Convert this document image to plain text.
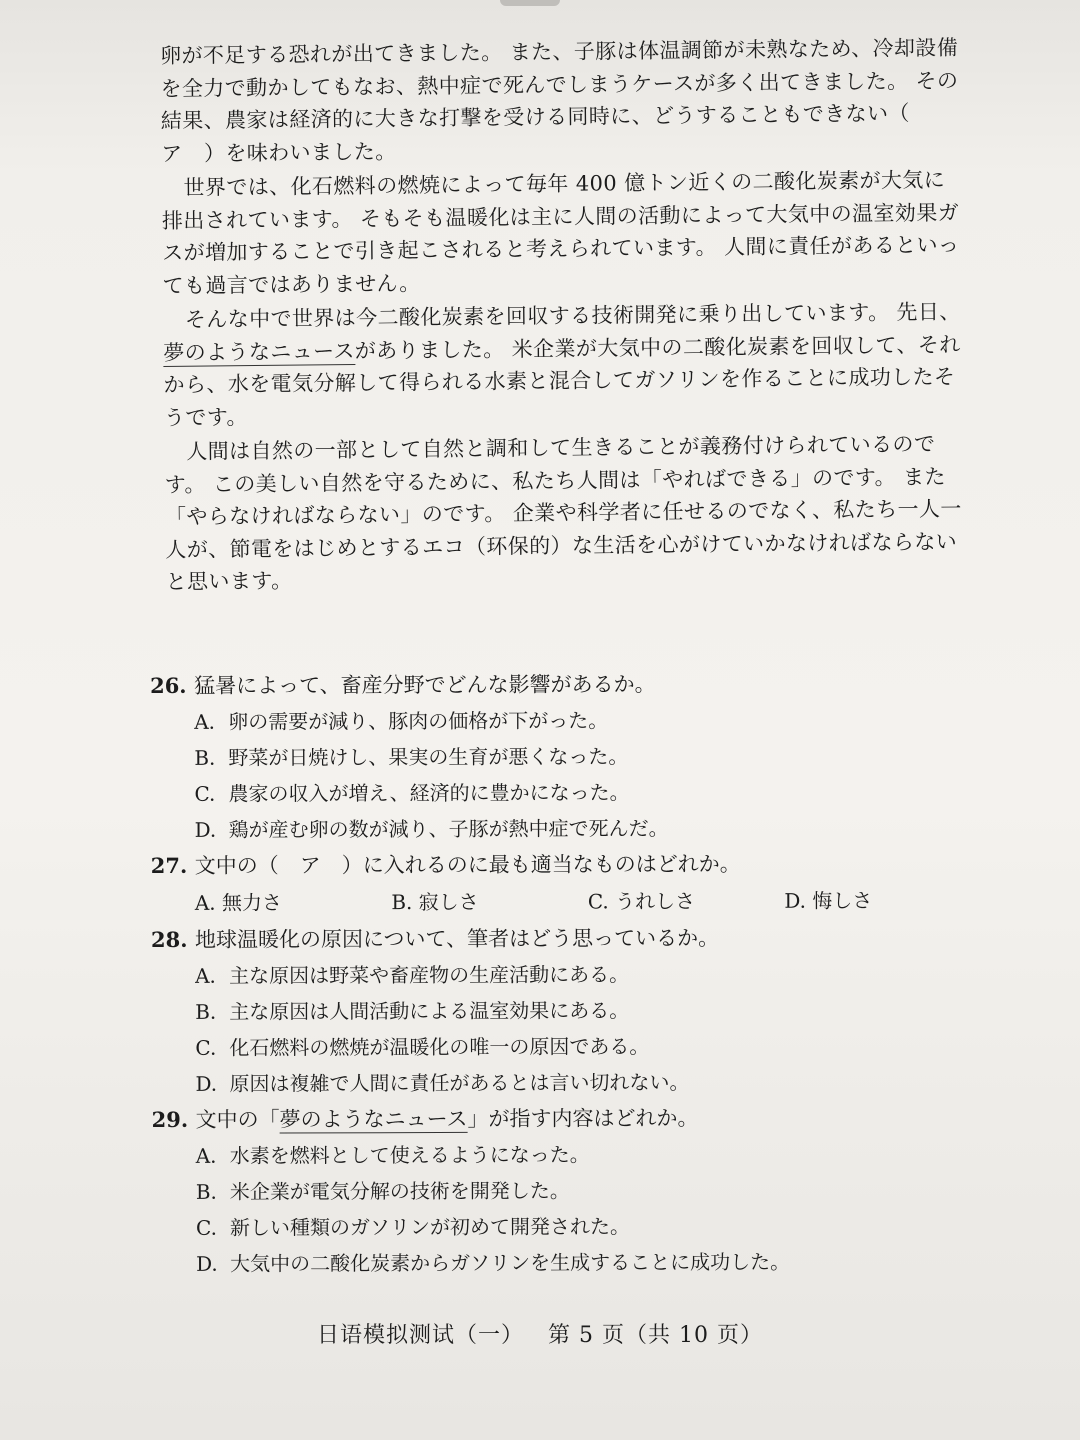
卵が不足する恐れが出てきました。 また、子豚は体温調節が未熟なため、冷却設備を全力で動かしてもなお、熱中症で死んでしまうケースが多く出てきました。 その結果、農家は経済的に大きな打撃を受ける同時に、どうすることもできない（　ア　）を味わいました。

世界では、化石燃料の燃焼によって毎年 400 億トン近くの二酸化炭素が大気に排出されています。 そもそも温暖化は主に人間の活動によって大気中の温室効果ガスが増加することで引き起こされると考えられています。 人間に責任があるといっても過言ではありません。

そんな中で世界は今二酸化炭素を回収する技術開発に乗り出しています。 先日、夢のようなニュースがありました。 米企業が大気中の二酸化炭素を回収して、それから、水を電気分解して得られる水素と混合してガソリンを作ることに成功したそうです。

人間は自然の一部として自然と調和して生きることが義務付けられているのです。 この美しい自然を守るために、私たち人間は「やればできる」のです。 また「やらなければならない」のです。 企業や科学者に任せるのでなく、私たち一人一人が、節電をはじめとするエコ（环保的）な生活を心がけていかなければならないと思います。

26. 猛暑によって、畜産分野でどんな影響があるか。
A. 卵の需要が減り、豚肉の価格が下がった。
B. 野菜が日焼けし、果実の生育が悪くなった。
C. 農家の収入が増え、経済的に豊かになった。
D. 鶏が産む卵の数が減り、子豚が熱中症で死んだ。
27. 文中の（　ア　）に入れるのに最も適当なものはどれか。
A. 無力さ	B. 寂しさ	C. うれしさ	D. 悔しさ
28. 地球温暖化の原因について、筆者はどう思っているか。
A. 主な原因は野菜や畜産物の生産活動にある。
B. 主な原因は人間活動による温室効果にある。
C. 化石燃料の燃焼が温暖化の唯一の原因である。
D. 原因は複雑で人間に責任があるとは言い切れない。
29. 文中の「夢のようなニュース」が指す内容はどれか。
A. 水素を燃料として使えるようになった。
B. 米企業が電気分解の技術を開発した。
C. 新しい種類のガソリンが初めて開発された。
D. 大気中の二酸化炭素からガソリンを生成することに成功した。
日语模拟测试（一） 第 5 页（共 10 页）
